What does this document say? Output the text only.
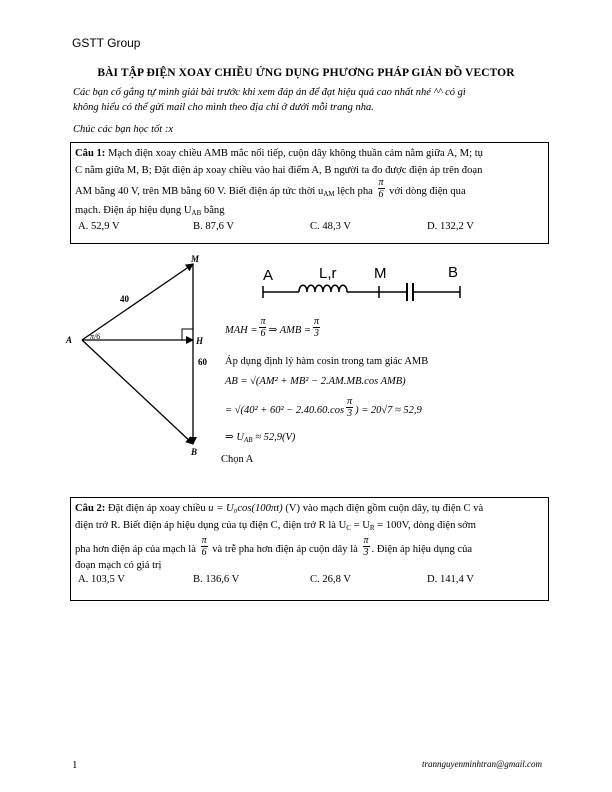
GSTT Group
BÀI TẬP ĐIỆN XOAY CHIỀU ỨNG DỤNG PHƯƠNG PHÁP GIẢN ĐỒ VECTOR
Các bạn cố gắng tự mình giải bài trước khi xem đáp án để đạt hiệu quả cao nhất nhé ^^ có gì
không hiểu có thể gửi mail cho mình theo địa chỉ ở dưới mỗi trang nha.
Chúc các bạn học tốt :x
Câu 1: Mạch điện xoay chiều AMB mắc nối tiếp, cuộn dây không thuần cảm nằm giữa A, M; tụ
C nằm giữa M, B; Đặt điện áp xoay chiều vào hai điểm A, B người ta đo được điện áp trên đoạn
AM bằng 40 V, trên MB bằng 60 V. Biết điện áp tức thời $u_{AM}$ lệch pha $\frac{\pi}{6}$ với dòng điện qua
mạch. Điện áp hiệu dụng $U_{AB}$ bằng
A. 52,9 V	B. 87,6 V	C. 48,3 V	D. 132,2 V
A
M
H
B
40
60
π/6
A	L,r M	B
MAH = $\frac{\pi}{6}$ ⇒ AMB = $\frac{\pi}{3}$
Áp dụng định lý hàm cosin trong tam giác AMB
AB = √(AM² + MB² − 2.AM.MB.cos AMB)
= $√(40^2 + 60^2 - 2.40.60.\cos \frac{\pi}{3}$ ) = 20√7 ≈ 52,9
⇒ $U_{AB} \approx 52,9(V)$
Chọn A
Câu 2: Đặt điện áp xoay chiều u = U₀cos(100πt) (V) vào mạch điện gồm cuộn dây, tụ điện C và
điện trở R. Biết điện áp hiệu dụng của tụ điện C, điện trở R là $U_C = U_R = 100V$, dòng điện sớm
pha hơn điện áp của mạch là $\frac{\pi}{6}$ và trễ pha hơn điện áp cuộn dây là $\frac{\pi}{3}$ . Điện áp hiệu dụng của
đoạn mạch có giá trị
A. 103,5 V	B. 136,6 V	C. 26,8 V	D. 141,4 V
1	trannguyenminhtran@gmail.com
